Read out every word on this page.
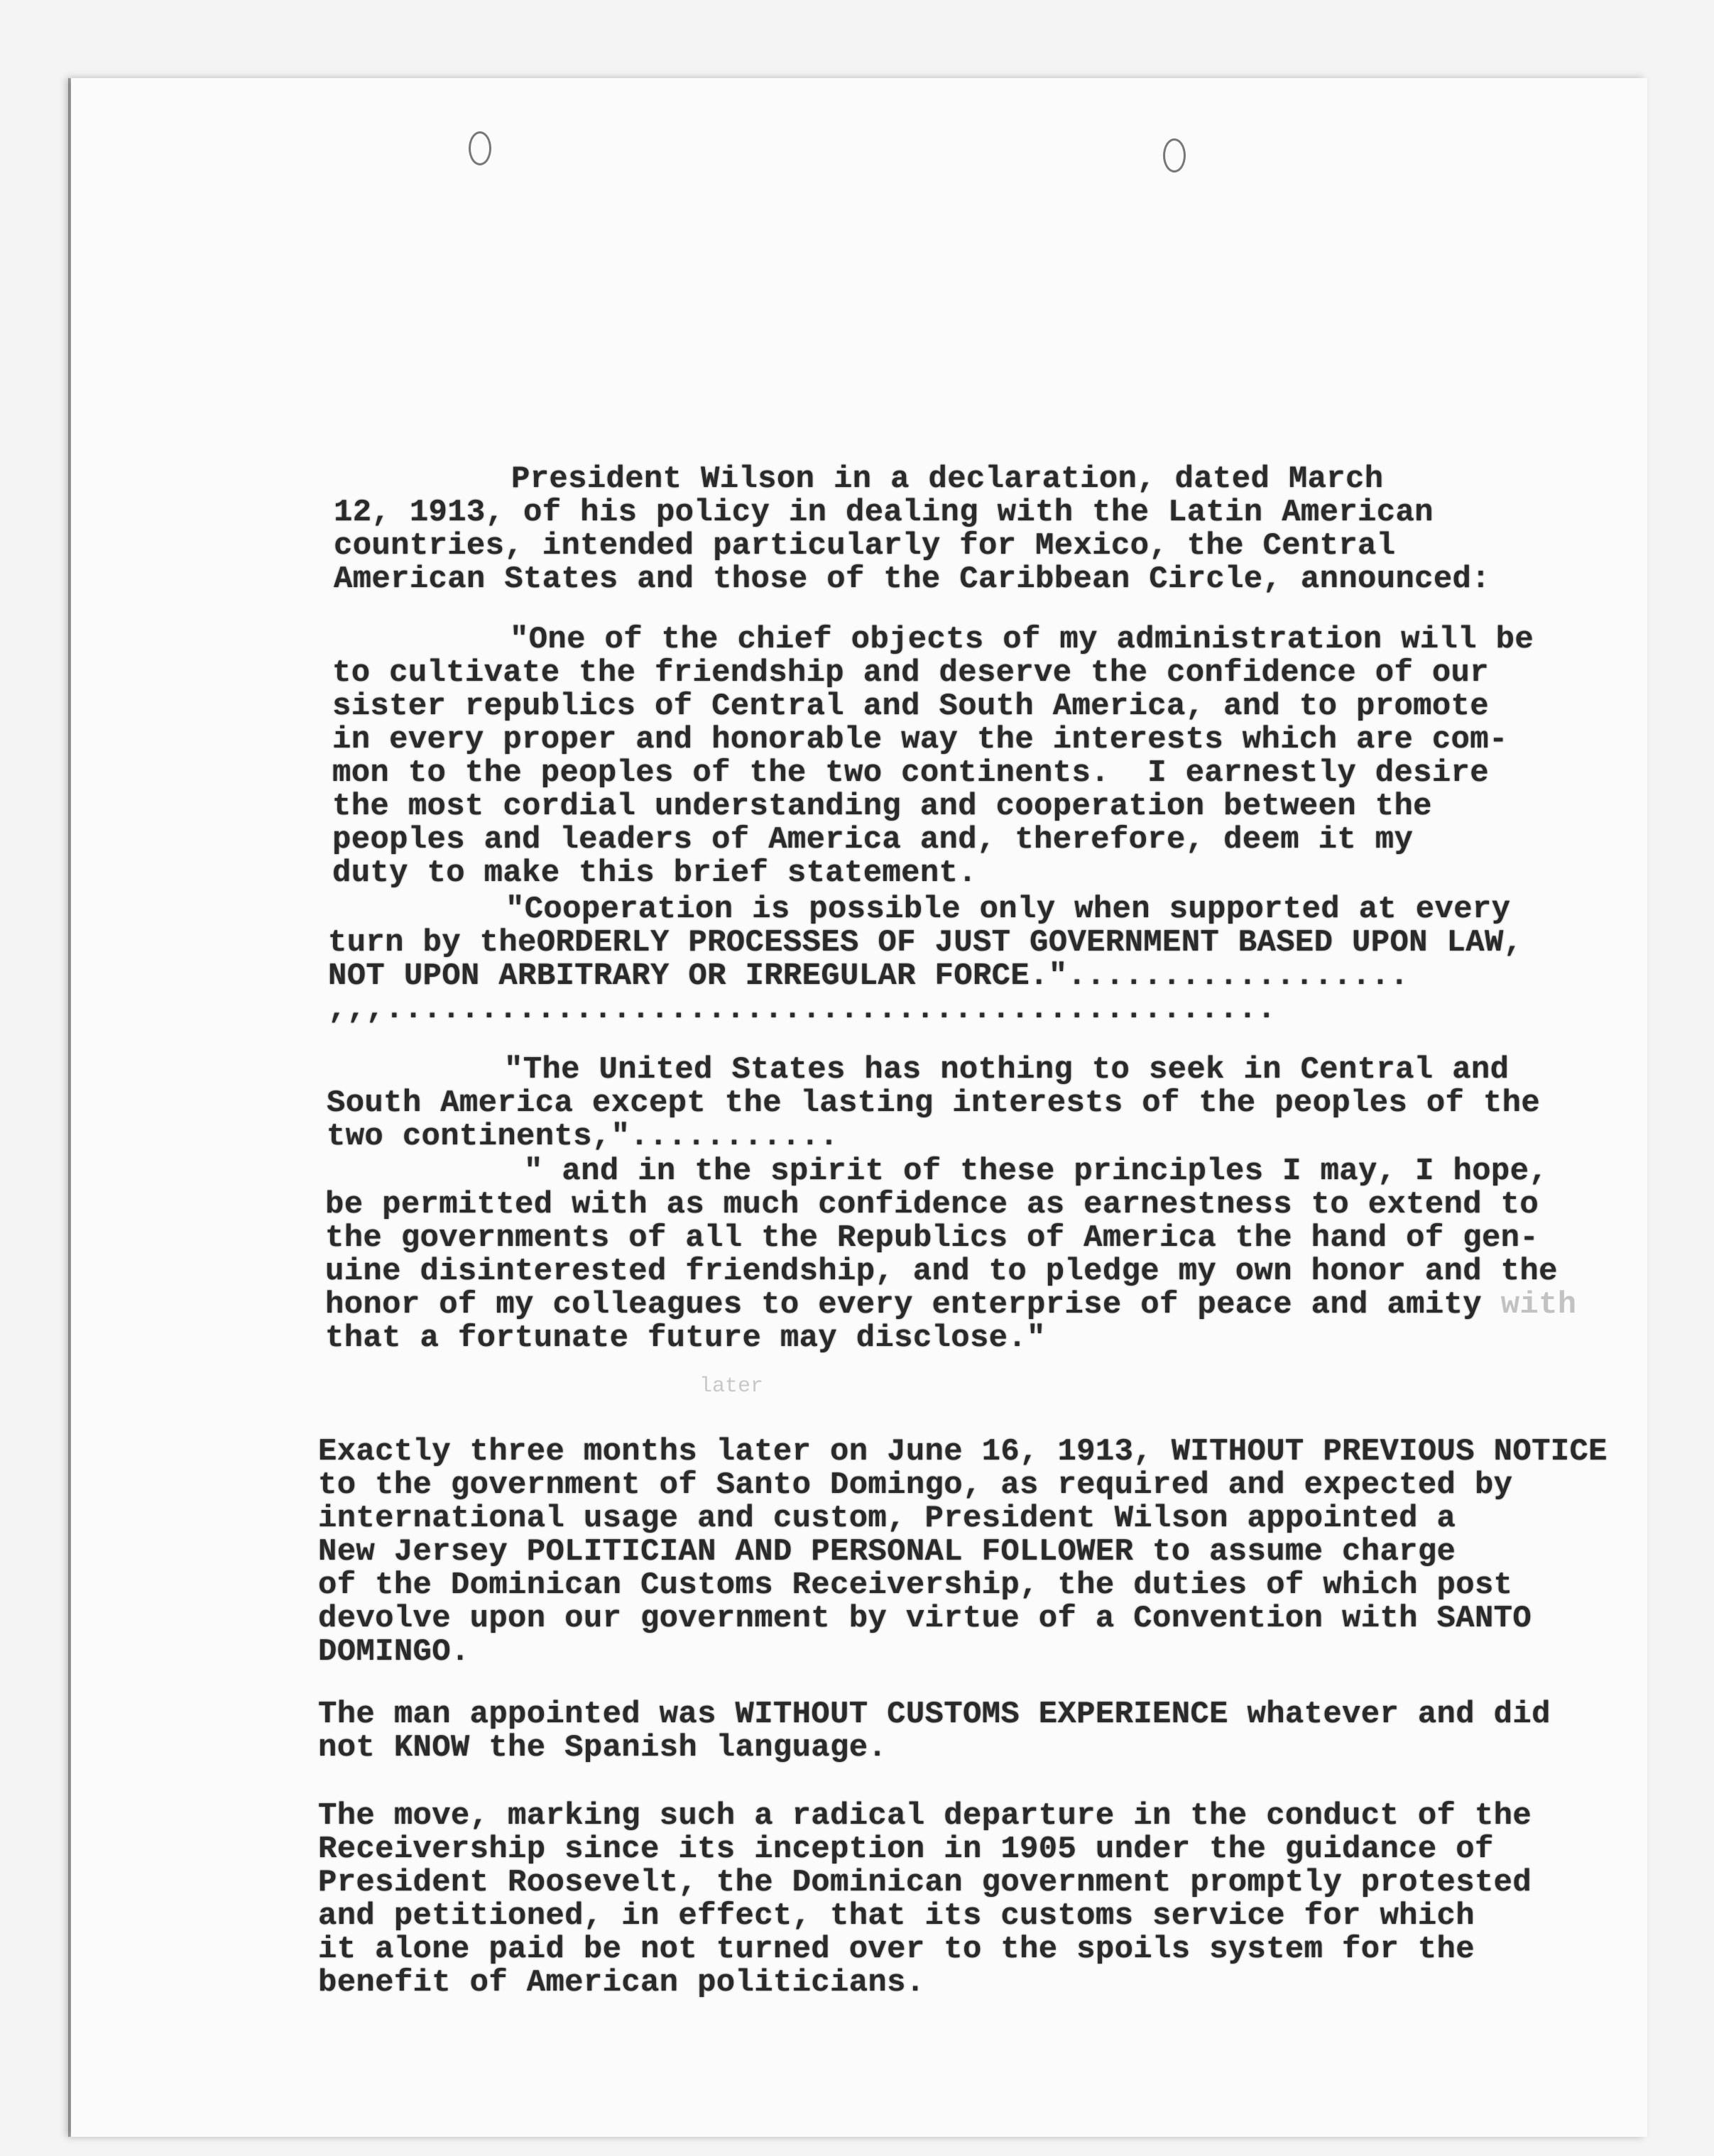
President Wilson in a declaration, dated March
12, 1913, of his policy in dealing with the Latin American
countries, intended particularly for Mexico, the Central
American States and those of the Caribbean Circle, announced:
"One of the chief objects of my administration will be
to cultivate the friendship and deserve the confidence of our
sister republics of Central and South America, and to promote
in every proper and honorable way the interests which are com-
mon to the peoples of the two continents.  I earnestly desire
the most cordial understanding and cooperation between the
peoples and leaders of America and, therefore, deem it my
duty to make this brief statement.
"Cooperation is possible only when supported at every
turn by theORDERLY PROCESSES OF JUST GOVERNMENT BASED UPON LAW,
NOT UPON ARBITRARY OR IRREGULAR FORCE."..................
,,,...............................................
"The United States has nothing to seek in Central and
South America except the lasting interests of the peoples of the
two continents,"...........
" and in the spirit of these principles I may, I hope,
be permitted with as much confidence as earnestness to extend to
the governments of all the Republics of America the hand of gen-
uine disinterested friendship, and to pledge my own honor and the
honor of my colleagues to every enterprise of peace and amity with
that a fortunate future may disclose."
later
Exactly three months later on June 16, 1913, WITHOUT PREVIOUS NOTICE
to the government of Santo Domingo, as required and expected by
international usage and custom, President Wilson appointed a
New Jersey POLITICIAN AND PERSONAL FOLLOWER to assume charge
of the Dominican Customs Receivership, the duties of which post
devolve upon our government by virtue of a Convention with SANTO
DOMINGO.
The man appointed was WITHOUT CUSTOMS EXPERIENCE whatever and did
not KNOW the Spanish language.
The move, marking such a radical departure in the conduct of the
Receivership since its inception in 1905 under the guidance of
President Roosevelt, the Dominican government promptly protested
and petitioned, in effect, that its customs service for which
it alone paid be not turned over to the spoils system for the
benefit of American politicians.
